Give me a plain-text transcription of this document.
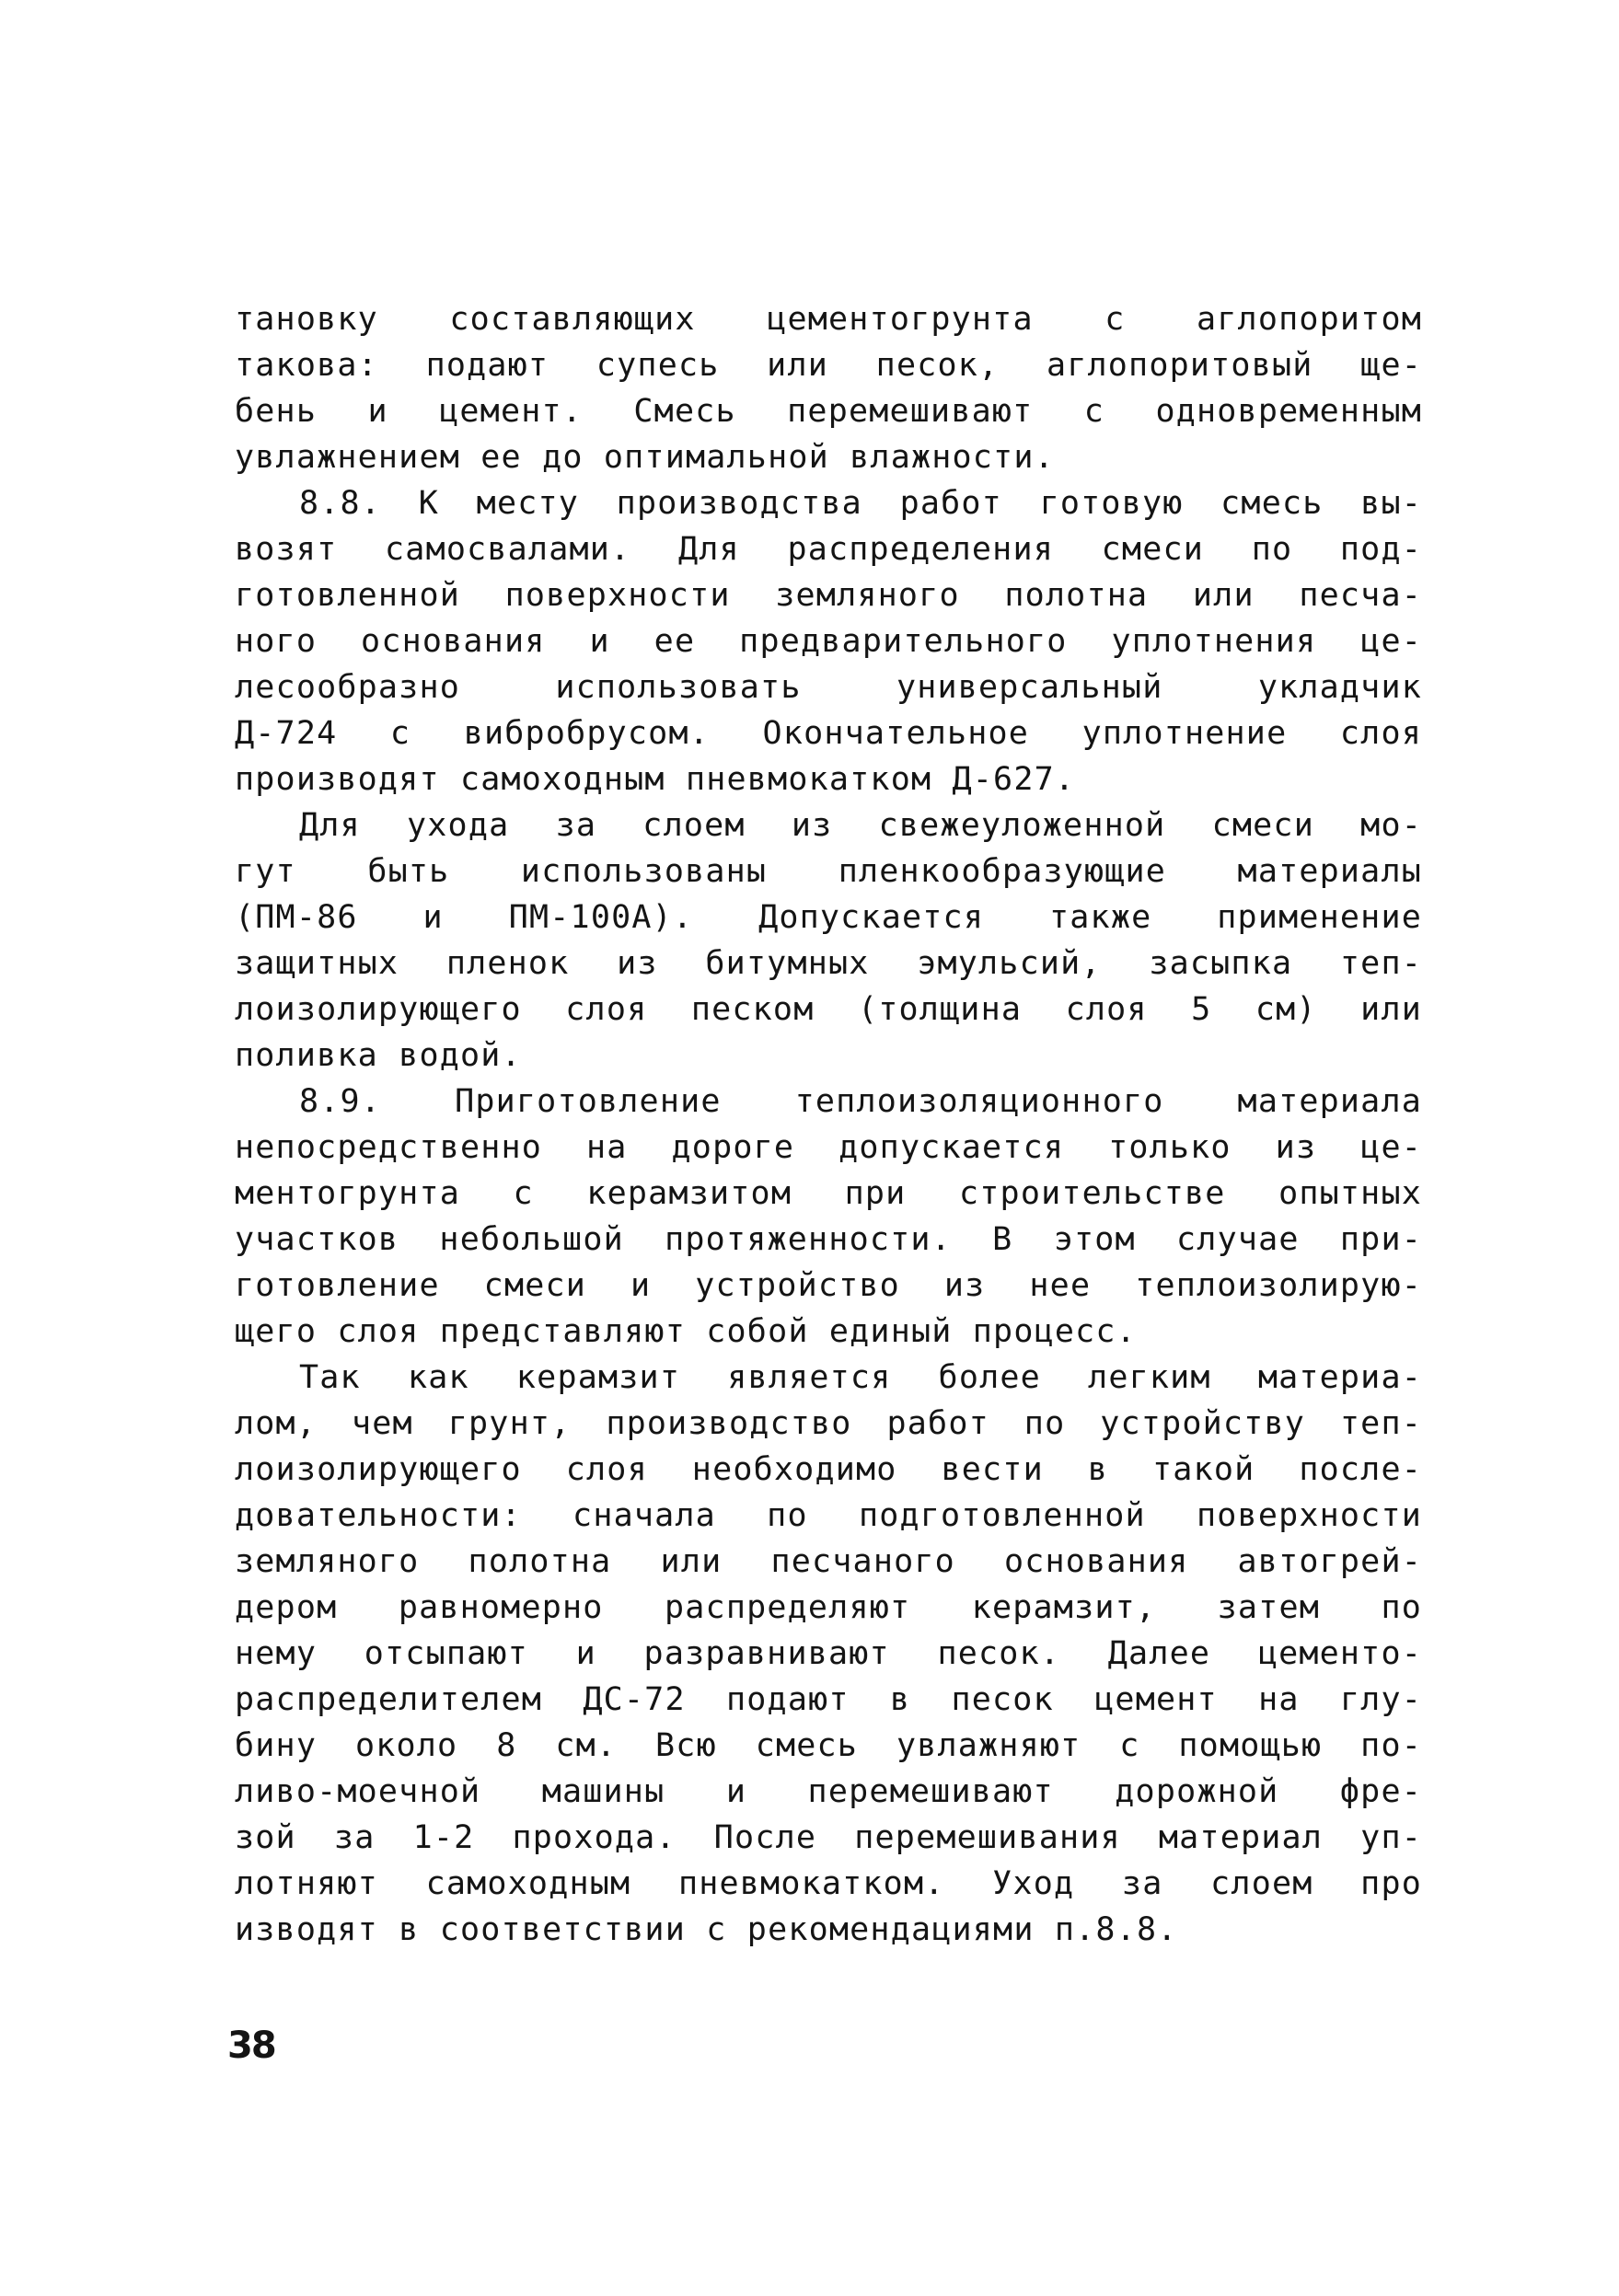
тановку составляющих цементогрунта с аглопоритом
такова: подают супесь или песок, аглопоритовый ще-
бень и цемент. Смесь перемешивают с одновременным
увлажнением ее до оптимальной влажности.
8.8. К месту производства работ готовую смесь вы-
возят самосвалами. Для распределения смеси по под-
готовленной поверхности земляного полотна или песча-
ного основания и ее предварительного уплотнения це-
лесообразно использовать универсальный укладчик
Д-724 с вибробрусом. Окончательное уплотнение слоя
производят самоходным пневмокатком Д-627.
Для ухода за слоем из свежеуложенной смеси мо-
гут быть использованы пленкообразующие материалы
(ПМ-86 и ПМ-100А). Допускается также применение
защитных пленок из битумных эмульсий, засыпка теп-
лоизолирующего слоя песком (толщина слоя 5 см) или
поливка водой.
8.9. Приготовление теплоизоляционного материала
непосредственно на дороге допускается только из це-
ментогрунта с керамзитом при строительстве опытных
участков небольшой протяженности. В этом случае при-
готовление смеси и устройство из нее теплоизолирую-
щего слоя представляют собой единый процесс.
Так как керамзит является более легким материа-
лом, чем грунт, производство работ по устройству теп-
лоизолирующего слоя необходимо вести в такой после-
довательности: сначала по подготовленной поверхности
земляного полотна или песчаного основания автогрей-
дером равномерно распределяют керамзит, затем по
нему отсыпают и разравнивают песок. Далее цементо-
распределителем ДС-72 подают в песок цемент на глу-
бину около 8 см. Всю смесь увлажняют с помощью по-
ливо-моечной машины и перемешивают дорожной фре-
зой за 1-2 прохода. После перемешивания материал уп-
лотняют самоходным пневмокатком. Уход за слоем про
изводят в соответствии с рекомендациями п.8.8.
38
